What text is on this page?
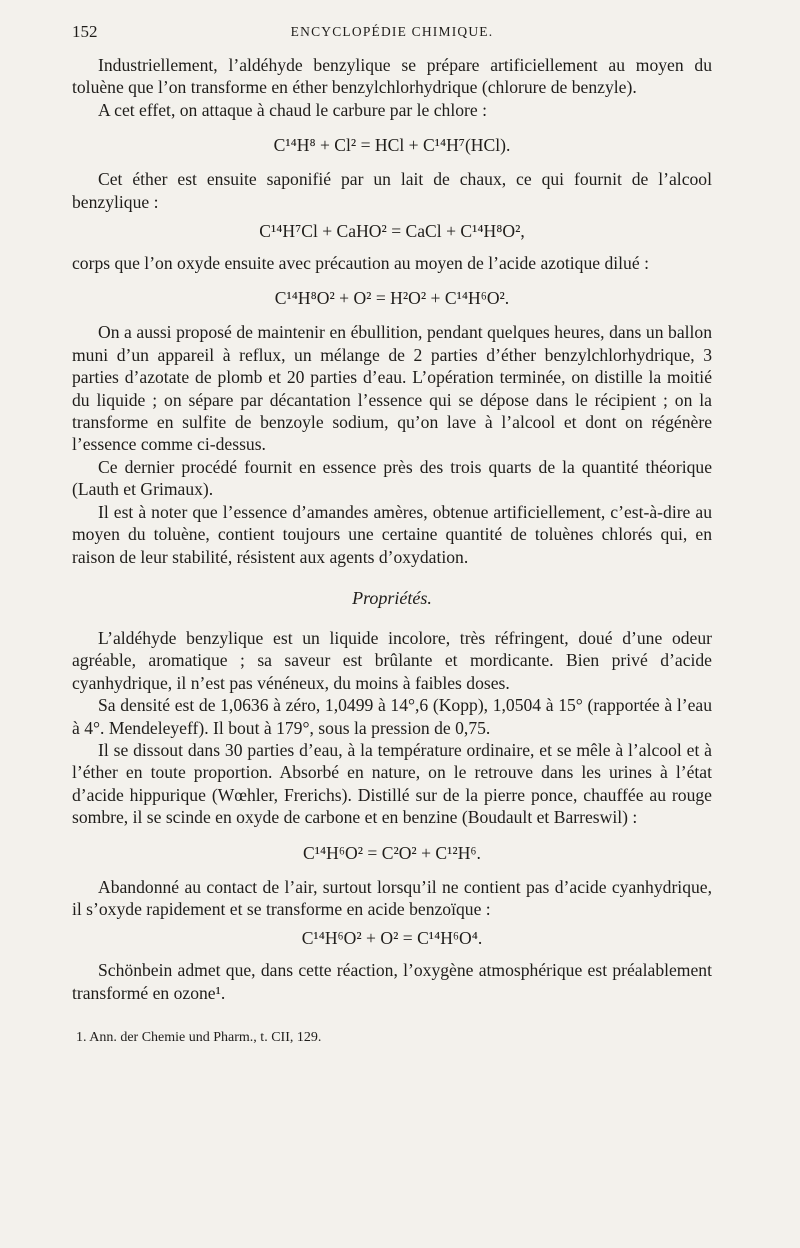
152	ENCYCLOPÉDIE CHIMIQUE.

Industriellement, l’aldéhyde benzylique se prépare artificiellement au moyen du toluène que l’on transforme en éther benzylchlorhydrique (chlorure de benzyle).

A cet effet, on attaque à chaud le carbure par le chlore :

C¹⁴H⁸ + Cl² = HCl + C¹⁴H⁷(HCl).

Cet éther est ensuite saponifié par un lait de chaux, ce qui fournit de l’alcool benzylique :

C¹⁴H⁷Cl + CaHO² = CaCl + C¹⁴H⁸O²,

corps que l’on oxyde ensuite avec précaution au moyen de l’acide azotique dilué :

C¹⁴H⁸O² + O² = H²O² + C¹⁴H⁶O².

On a aussi proposé de maintenir en ébullition, pendant quelques heures, dans un ballon muni d’un appareil à reflux, un mélange de 2 parties d’éther benzylchlorhydrique, 3 parties d’azotate de plomb et 20 parties d’eau. L’opération terminée, on distille la moitié du liquide ; on sépare par décantation l’essence qui se dépose dans le récipient ; on la transforme en sulfite de benzoyle sodium, qu’on lave à l’alcool et dont on régénère l’essence comme ci-dessus.

Ce dernier procédé fournit en essence près des trois quarts de la quantité théorique (Lauth et Grimaux).

Il est à noter que l’essence d’amandes amères, obtenue artificiellement, c’est-à-dire au moyen du toluène, contient toujours une certaine quantité de toluènes chlorés qui, en raison de leur stabilité, résistent aux agents d’oxydation.

Propriétés.

L’aldéhyde benzylique est un liquide incolore, très réfringent, doué d’une odeur agréable, aromatique ; sa saveur est brûlante et mordicante. Bien privé d’acide cyanhydrique, il n’est pas vénéneux, du moins à faibles doses.

Sa densité est de 1,0636 à zéro, 1,0499 à 14°,6 (Kopp), 1,0504 à 15° (rapportée à l’eau à 4°. Mendeleyeff). Il bout à 179°, sous la pression de 0,75.

Il se dissout dans 30 parties d’eau, à la température ordinaire, et se mêle à l’alcool et à l’éther en toute proportion. Absorbé en nature, on le retrouve dans les urines à l’état d’acide hippurique (Wœhler, Frerichs). Distillé sur de la pierre ponce, chauffée au rouge sombre, il se scinde en oxyde de carbone et en benzine (Boudault et Barreswil) :

C¹⁴H⁶O² = C²O² + C¹²H⁶.

Abandonné au contact de l’air, surtout lorsqu’il ne contient pas d’acide cyanhydrique, il s’oxyde rapidement et se transforme en acide benzoïque :

C¹⁴H⁶O² + O² = C¹⁴H⁶O⁴.

Schönbein admet que, dans cette réaction, l’oxygène atmosphérique est préalablement transformé en ozone¹.

1. Ann. der Chemie und Pharm., t. CII, 129.
